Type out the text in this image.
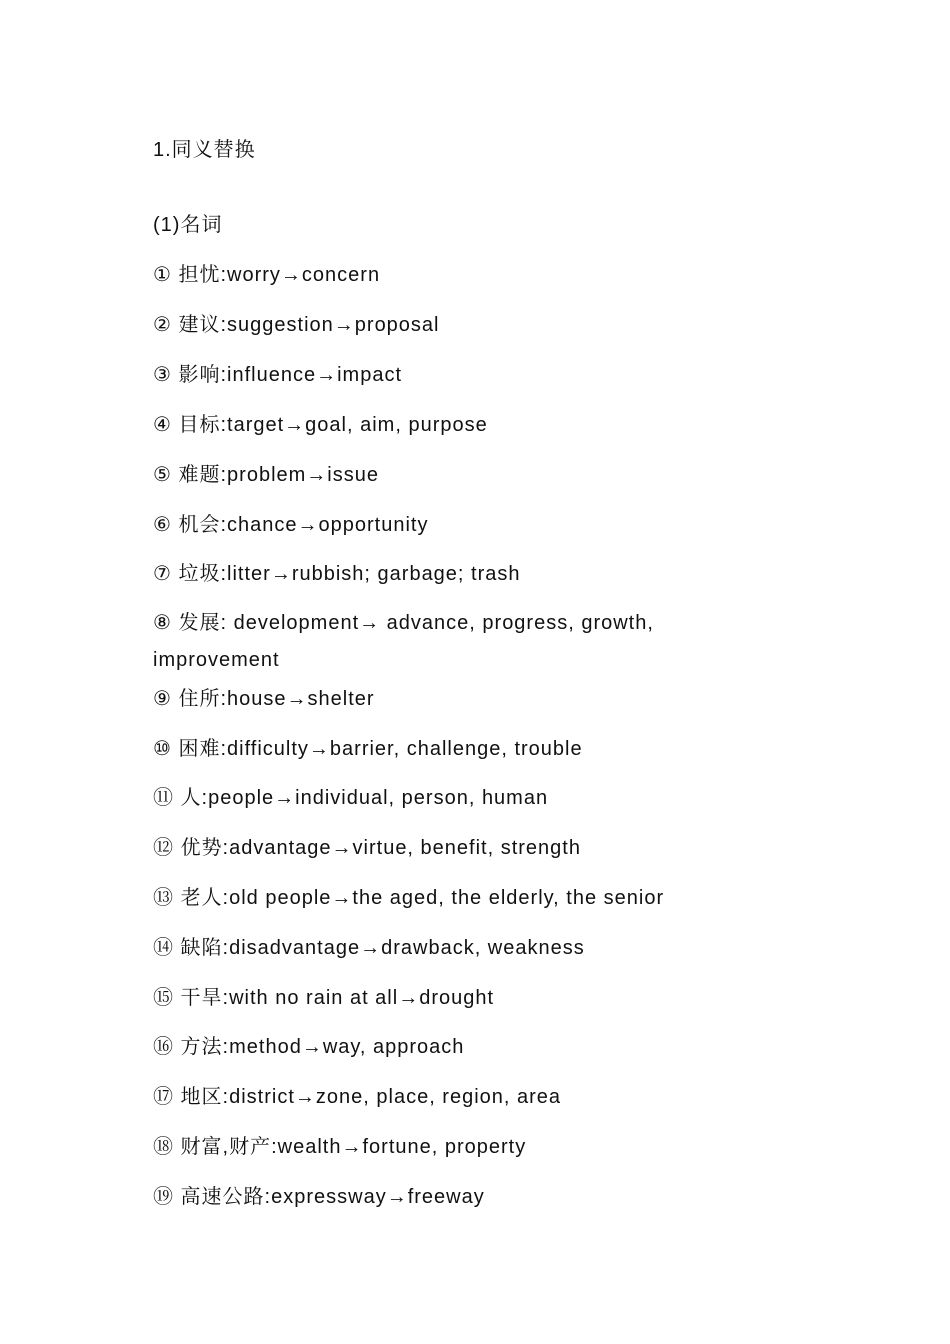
1.同义替换
(1)名词
① 担忧:worry→concern
② 建议:suggestion→proposal
③ 影响:influence→impact
④ 目标:target→goal, aim, purpose
⑤ 难题:problem→issue
⑥ 机会:chance→opportunity
⑦ 垃圾:litter→rubbish; garbage; trash
⑧ 发展: development→ advance, progress, growth, improvement
⑨ 住所:house→shelter
⑩ 困难:difficulty→barrier, challenge, trouble
⑪ 人:people→individual, person, human
⑫ 优势:advantage→virtue, benefit, strength
⑬ 老人:old people→the aged, the elderly, the senior
⑭ 缺陷:disadvantage→drawback, weakness
⑮ 干旱:with no rain at all→drought
⑯ 方法:method→way, approach
⑰ 地区:district→zone, place, region, area
⑱ 财富,财产:wealth→fortune, property
⑲ 高速公路:expressway→freeway
